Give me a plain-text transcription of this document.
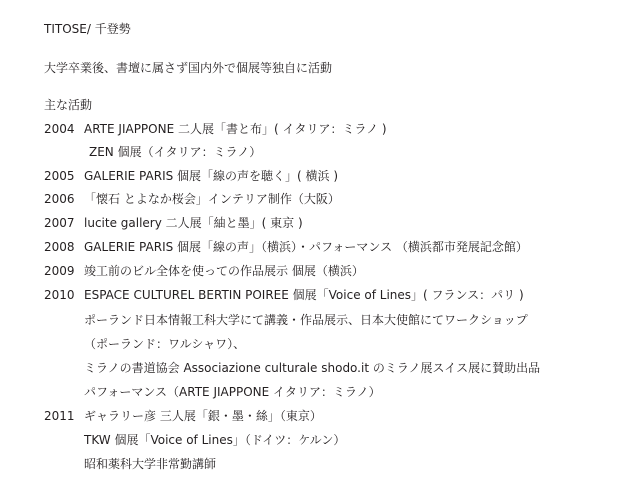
TITOSE/ 千登勢
大学卒業後、書壇に属さず国内外で個展等独自に活動
主な活動
2004 ARTE JIAPPONE 二人展「書と布」( イタリア：ミラノ )
ZEN 個展（イタリア：ミラノ）
2005 GALERIE PARIS 個展「線の声を聴く」( 横浜 )
2006 「懐石 とよなか桜会」インテリア制作（大阪）
2007 lucite gallery 二人展「紬と墨」( 東京 )
2008 GALERIE PARIS 個展「線の声」（横浜）・パフォーマンス （横浜都市発展記念館）
2009 竣工前のビル全体を使っての作品展示 個展（横浜）
2010 ESPACE CULTUREL BERTIN POIREE 個展「Voice of Lines」( フランス：パリ )
ポーランド日本情報工科大学にて講義・作品展示、日本大使館にてワークショップ
（ポーランド：ワルシャワ）、
ミラノの書道協会 Associazione culturale shodo.it のミラノ展スイス展に賛助出品
パフォーマンス（ARTE JIAPPONE イタリア：ミラノ）
2011 ギャラリー彦 三人展「銀・墨・絲」（東京）
TKW 個展「Voice of Lines」（ドイツ：ケルン）
昭和薬科大学非常勤講師
